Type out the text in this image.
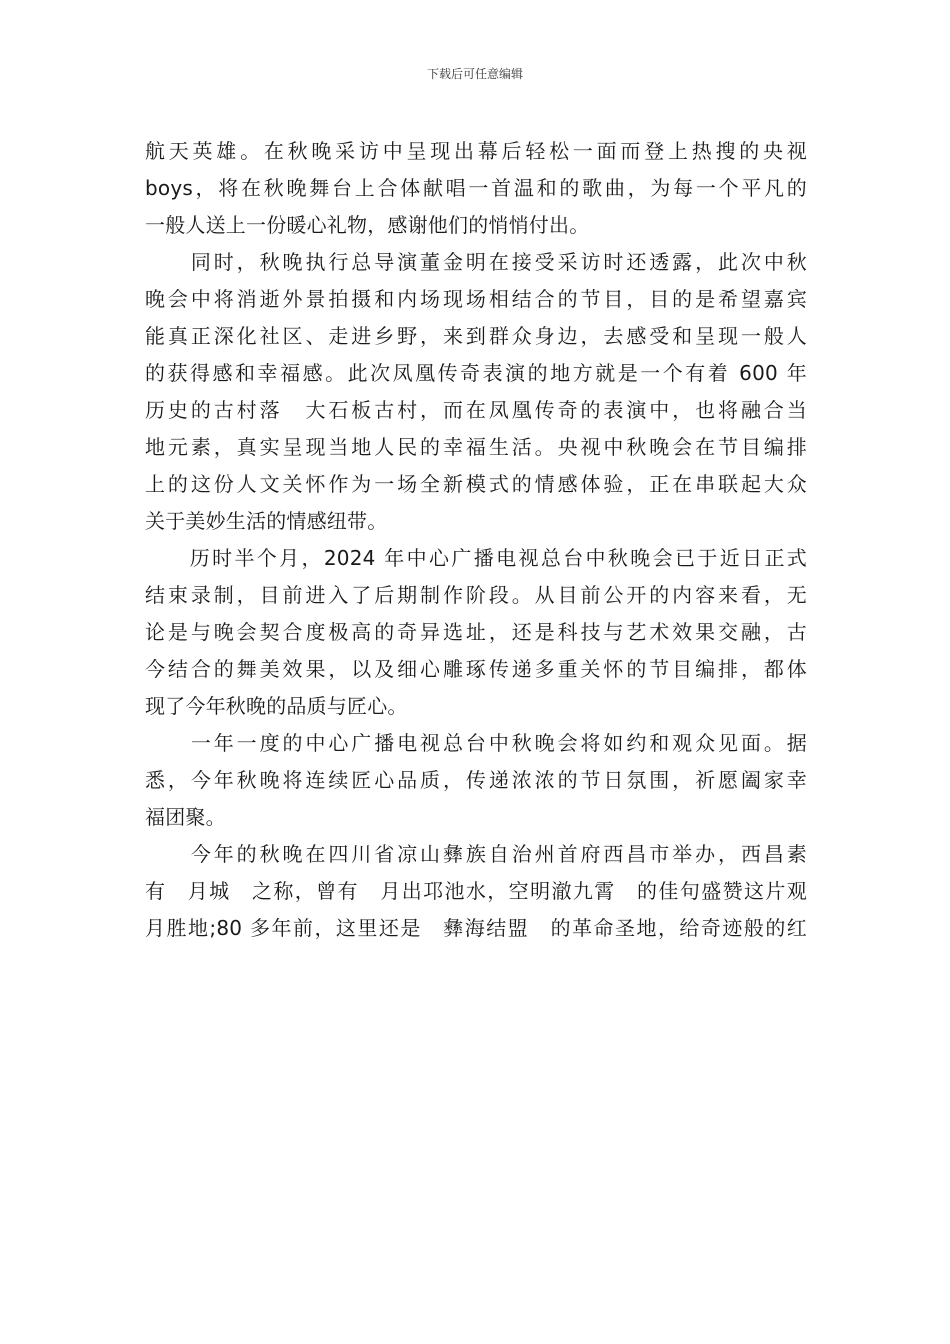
下载后可任意编辑
航天英雄。在秋晚采访中呈现出幕后轻松一面而登上热搜的央视
boys，将在秋晚舞台上合体献唱一首温和的歌曲，为每一个平凡的
一般人送上一份暖心礼物，感谢他们的悄悄付出。
　　同时，秋晚执行总导演董金明在接受采访时还透露，此次中秋
晚会中将消逝外景拍摄和内场现场相结合的节目，目的是希望嘉宾
能真正深化社区、走进乡野，来到群众身边，去感受和呈现一般人
的获得感和幸福感。此次凤凰传奇表演的地方就是一个有着 600 年
历史的古村落　大石板古村，而在凤凰传奇的表演中，也将融合当
地元素，真实呈现当地人民的幸福生活。央视中秋晚会在节目编排
上的这份人文关怀作为一场全新模式的情感体验，正在串联起大众
关于美妙生活的情感纽带。
　　历时半个月，2024 年中心广播电视总台中秋晚会已于近日正式
结束录制，目前进入了后期制作阶段。从目前公开的内容来看，无
论是与晚会契合度极高的奇异选址，还是科技与艺术效果交融，古
今结合的舞美效果，以及细心雕琢传递多重关怀的节目编排，都体
现了今年秋晚的品质与匠心。
　　一年一度的中心广播电视总台中秋晚会将如约和观众见面。据
悉，今年秋晚将连续匠心品质，传递浓浓的节日氛围，祈愿阖家幸
福团聚。
　　今年的秋晚在四川省凉山彝族自治州首府西昌市举办，西昌素
有　月城　之称，曾有　月出邛池水，空明澈九霄　的佳句盛赞这片观
月胜地;80 多年前，这里还是　彝海结盟　的革命圣地，给奇迹般的红
